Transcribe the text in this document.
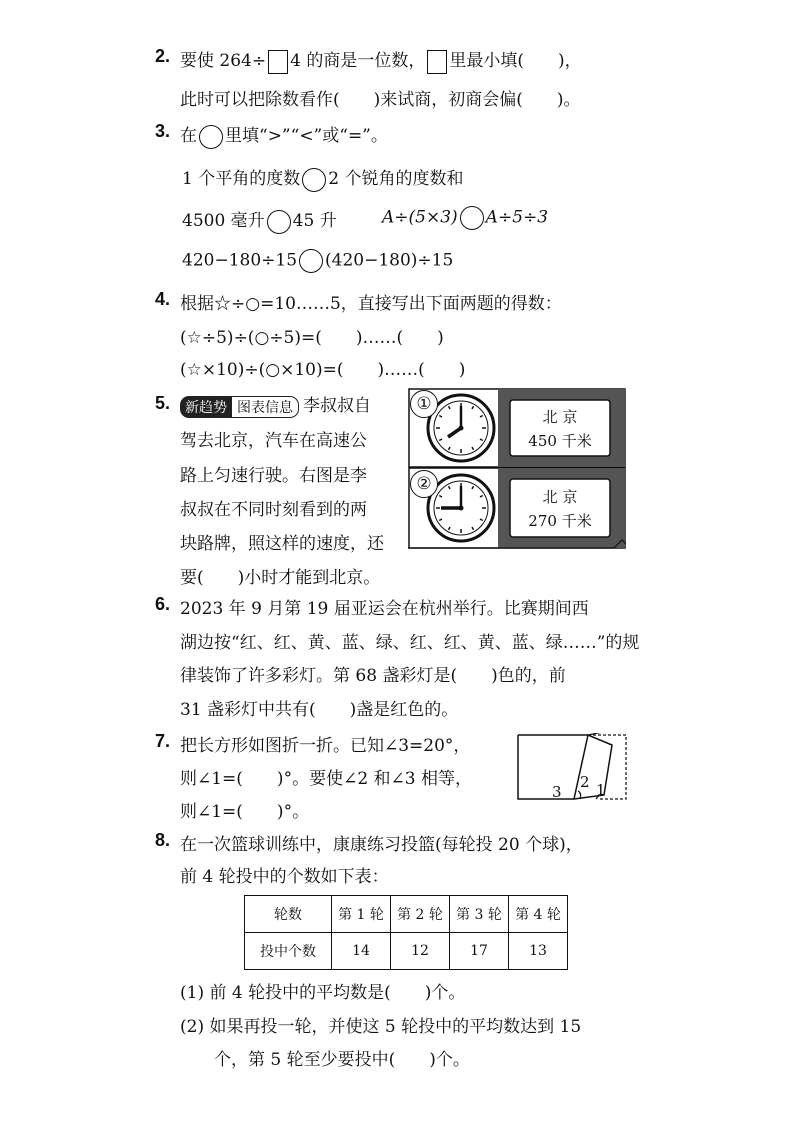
2. 要使 264÷ 4 的商是一位数， 里最小填(　　)，
此时可以把除数看作(　　)来试商，初商会偏(　　)。
3. 在 里填“>”“<”或“=”。
1 个平角的度数 2 个锐角的度数和
4500 毫升 45 升	A÷(5×3) A÷5÷3
420−180÷15 (420−180)÷15
4. 根据☆÷○=10……5，直接写出下面两题的得数：
(☆÷5)÷(○÷5)=(　　)……(　　)
(☆×10)÷(○×10)=(　　)……(　　)
5.	新趋势 图表信息 李叔叔自
驾去北京，汽车在高速公
路上匀速行驶。右图是李
叔叔在不同时刻看到的两
块路牌，照这样的速度，还
要(　　)小时才能到北京。
①
②
北 京
450 千米
北 京
270 千米
6. 2023 年 9 月第 19 届亚运会在杭州举行。比赛期间西
湖边按“红、红、黄、蓝、绿、红、红、黄、蓝、绿……”的规
律装饰了许多彩灯。第 68 盏彩灯是(　　)色的，前
31 盏彩灯中共有(　　)盏是红色的。
7. 把长方形如图折一折。已知∠3=20°，
则∠1=(　　)°。要使∠2 和∠3 相等，
则∠1=(　　)°。
3
2 1
8. 在一次篮球训练中，康康练习投篮(每轮投 20 个球)，
前 4 轮投中的个数如下表：
轮数	第 1 轮	第 2 轮	第 3 轮	第 4 轮
投中个数	14	12	17	13
(1) 前 4 轮投中的平均数是(　　)个。
(2) 如果再投一轮，并使这 5 轮投中的平均数达到 15
个，第 5 轮至少要投中(　　)个。
